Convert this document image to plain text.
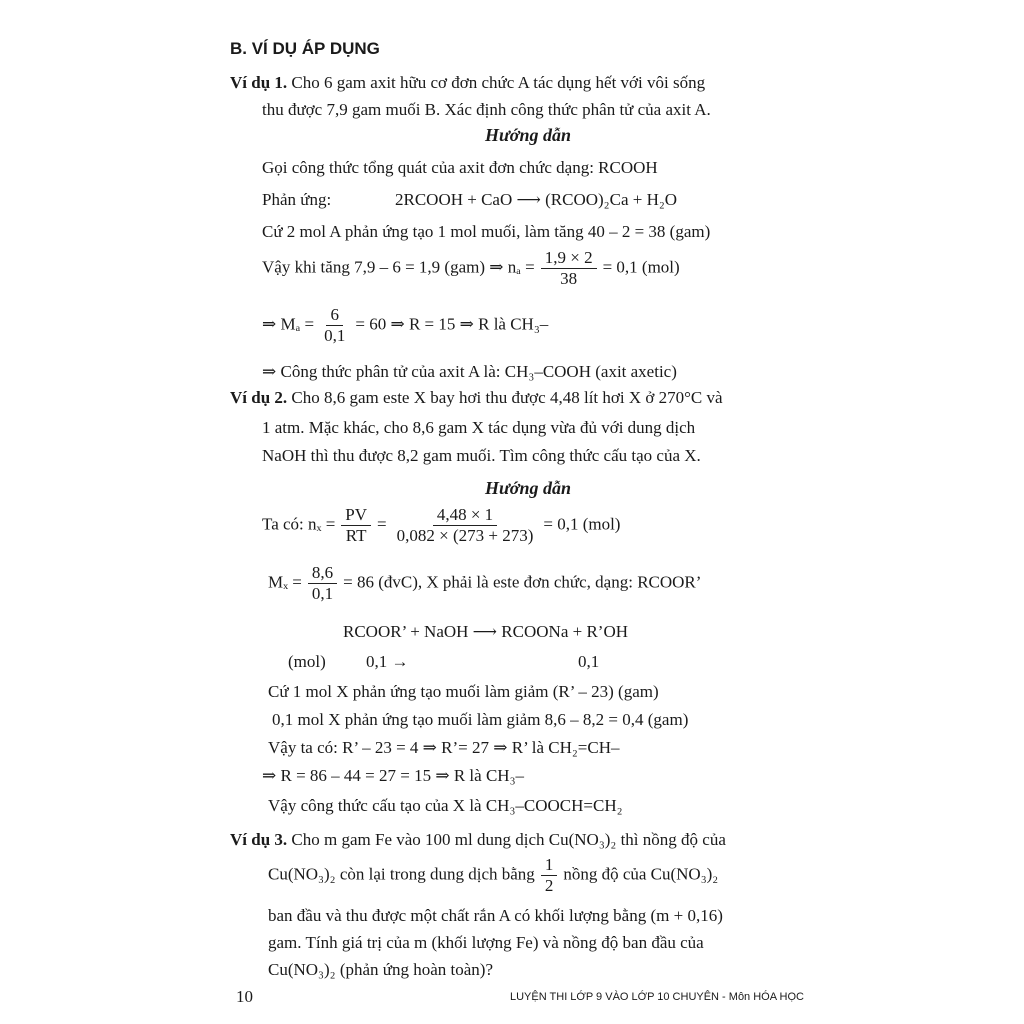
B. VÍ DỤ ÁP DỤNG
Ví dụ 1. Cho 6 gam axit hữu cơ đơn chức A tác dụng hết với vôi sống
thu được 7,9 gam muối B. Xác định công thức phân tử của axit A.
Hướng dẫn
Gọi công thức tổng quát của axit đơn chức dạng: RCOOH
Phản ứng:	2RCOOH + CaO ⟶ (RCOO)₂Ca + H₂O
Cứ 2 mol A phản ứng tạo 1 mol muối, làm tăng 40 – 2 = 38 (gam)
Vậy khi tăng 7,9 – 6 = 1,9 (gam) ⇒ $n_a = \frac{1,9 \times 2}{38} = 0,1$ (mol)
⇒ $M_a = \frac{6}{0,1} = 60$ ⇒ R = 15 ⇒ R là CH₃–
⇒ Công thức phân tử của axit A là: CH₃–COOH (axit axetic)
Ví dụ 2. Cho 8,6 gam este X bay hơi thu được 4,48 lít hơi X ở 270°C và
1 atm. Mặc khác, cho 8,6 gam X tác dụng vừa đủ với dung dịch
NaOH thì thu được 8,2 gam muối. Tìm công thức cấu tạo của X.
Hướng dẫn
Ta có: $n_x = \frac{PV}{RT} = \frac{4,48 \times 1}{0,082 \times (273 + 273)} = 0,1$ (mol)
$M_x = \frac{8,6}{0,1} = 86$ (đvC), X phải là este đơn chức, dạng: RCOOR’
RCOOR’ + NaOH ⟶ RCOONa + R’OH
(mol) 0,1 →	0,1
Cứ 1 mol X phản ứng tạo muối làm giảm (R’ – 23) (gam)
0,1 mol X phản ứng tạo muối làm giảm 8,6 – 8,2 = 0,4 (gam)
Vậy ta có: R’ – 23 = 4 ⇒ R’= 27 ⇒ R’ là CH₂=CH–
⇒ R = 86 – 44 = 27 = 15 ⇒ R là CH₃–
Vậy công thức cấu tạo của X là CH₃–COOCH=CH₂
Ví dụ 3. Cho m gam Fe vào 100 ml dung dịch Cu(NO₃)₂ thì nồng độ của
Cu(NO₃)₂ còn lại trong dung dịch bằng $\frac{1}{2}$ nồng độ của Cu(NO₃)₂
ban đầu và thu được một chất rắn A có khối lượng bằng (m + 0,16)
gam. Tính giá trị của m (khối lượng Fe) và nồng độ ban đầu của
Cu(NO₃)₂ (phản ứng hoàn toàn)?
10	LUYỆN THI LỚP 9 VÀO LỚP 10 CHUYÊN - Môn HÓA HỌC
